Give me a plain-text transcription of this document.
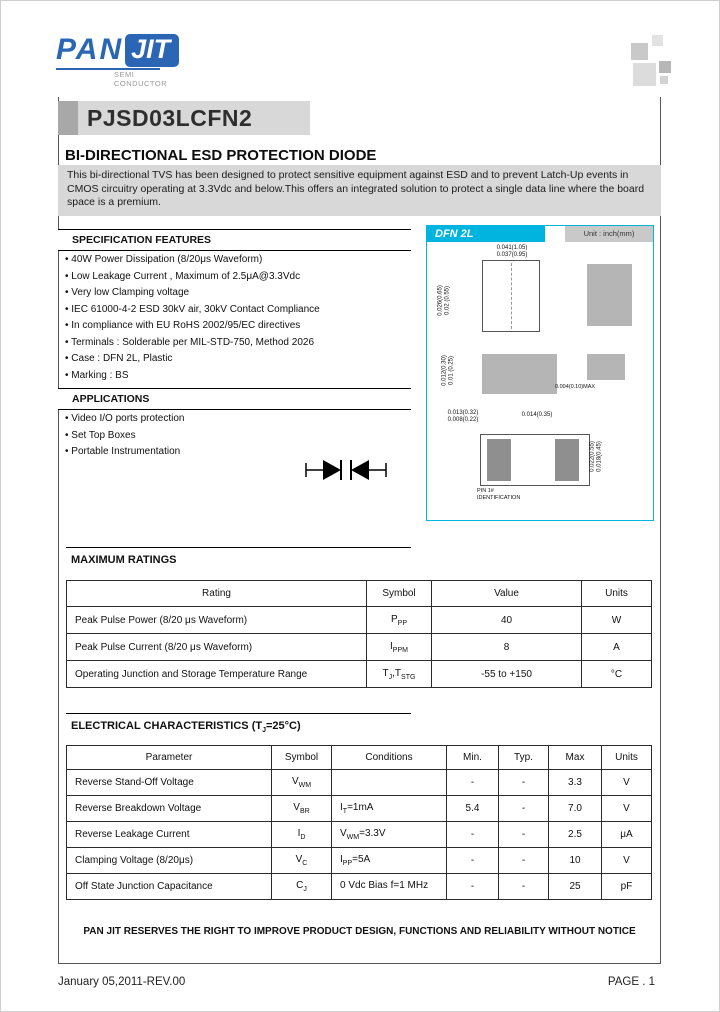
PAN JIT
SEMI
CONDUCTOR
PJSD03LCFN2
BI-DIRECTIONAL ESD PROTECTION DIODE
This bi-directional TVS has been designed to protect sensitive equipment against ESD and to prevent Latch-Up events in CMOS circuitry operating at 3.3Vdc and below.This offers an integrated solution to protect a single data line where the board space is a premium.
SPECIFICATION FEATURES
• 40W Power Dissipation (8/20μs Waveform)
• Low Leakage Current , Maximum of 2.5μA@3.3Vdc
• Very low Clamping voltage
• IEC 61000-4-2 ESD 30kV air, 30kV Contact Compliance
• In compliance with EU RoHS 2002/95/EC directives
• Terminals : Solderable per MIL-STD-750, Method 2026
• Case : DFN 2L, Plastic
• Marking : BS
APPLICATIONS
• Video I/O ports protection
• Set Top Boxes
• Portable Instrumentation
DFN 2L	Unit : inch(mm)
0.041(1.05)
0.037(0.95)
0.026(0.65) 0.02 (0.55)
0.012(0.30) 0.01 (0.25)
0.004(0.10)MAX
0.013(0.32)
0.008(0.22)
0.014(0.35)
0.022(0.55) 0.018(0.45)
PIN 1#
IDENTIFICATION
MAXIMUM RATINGS
Rating	Symbol	Value	Units
Peak Pulse Power (8/20 μs Waveform)	$P_{PP}$	40	W
Peak Pulse Current (8/20 μs Waveform)	$I_{PPM}$	8	A
Operating Junction and Storage Temperature Range	$T_J,T_{STG}$	-55 to +150	°C
ELECTRICAL CHARACTERISTICS $(T_J=25^\circ C)$
Parameter	Symbol	Conditions	Min.	Typ.	Max	Units
Reverse Stand-Off Voltage	$V_{WM}$		-	-	3.3	V
Reverse Breakdown Voltage	$V_{BR}$	$I_T=1mA$	5.4	-	7.0	V
Reverse Leakage Current	$I_D$	$V_{WM}=3.3V$	-	-	2.5	μA
Clamping Voltage (8/20μs)	$V_C$	$I_{PP}=5A$	-	-	10	V
Off State Junction Capacitance	$C_J$	0 Vdc Bias f=1 MHz	-	-	25	pF
PAN JIT RESERVES THE RIGHT TO IMPROVE PRODUCT DESIGN, FUNCTIONS AND RELIABILITY WITHOUT NOTICE
January 05,2011-REV.00	PAGE . 1
